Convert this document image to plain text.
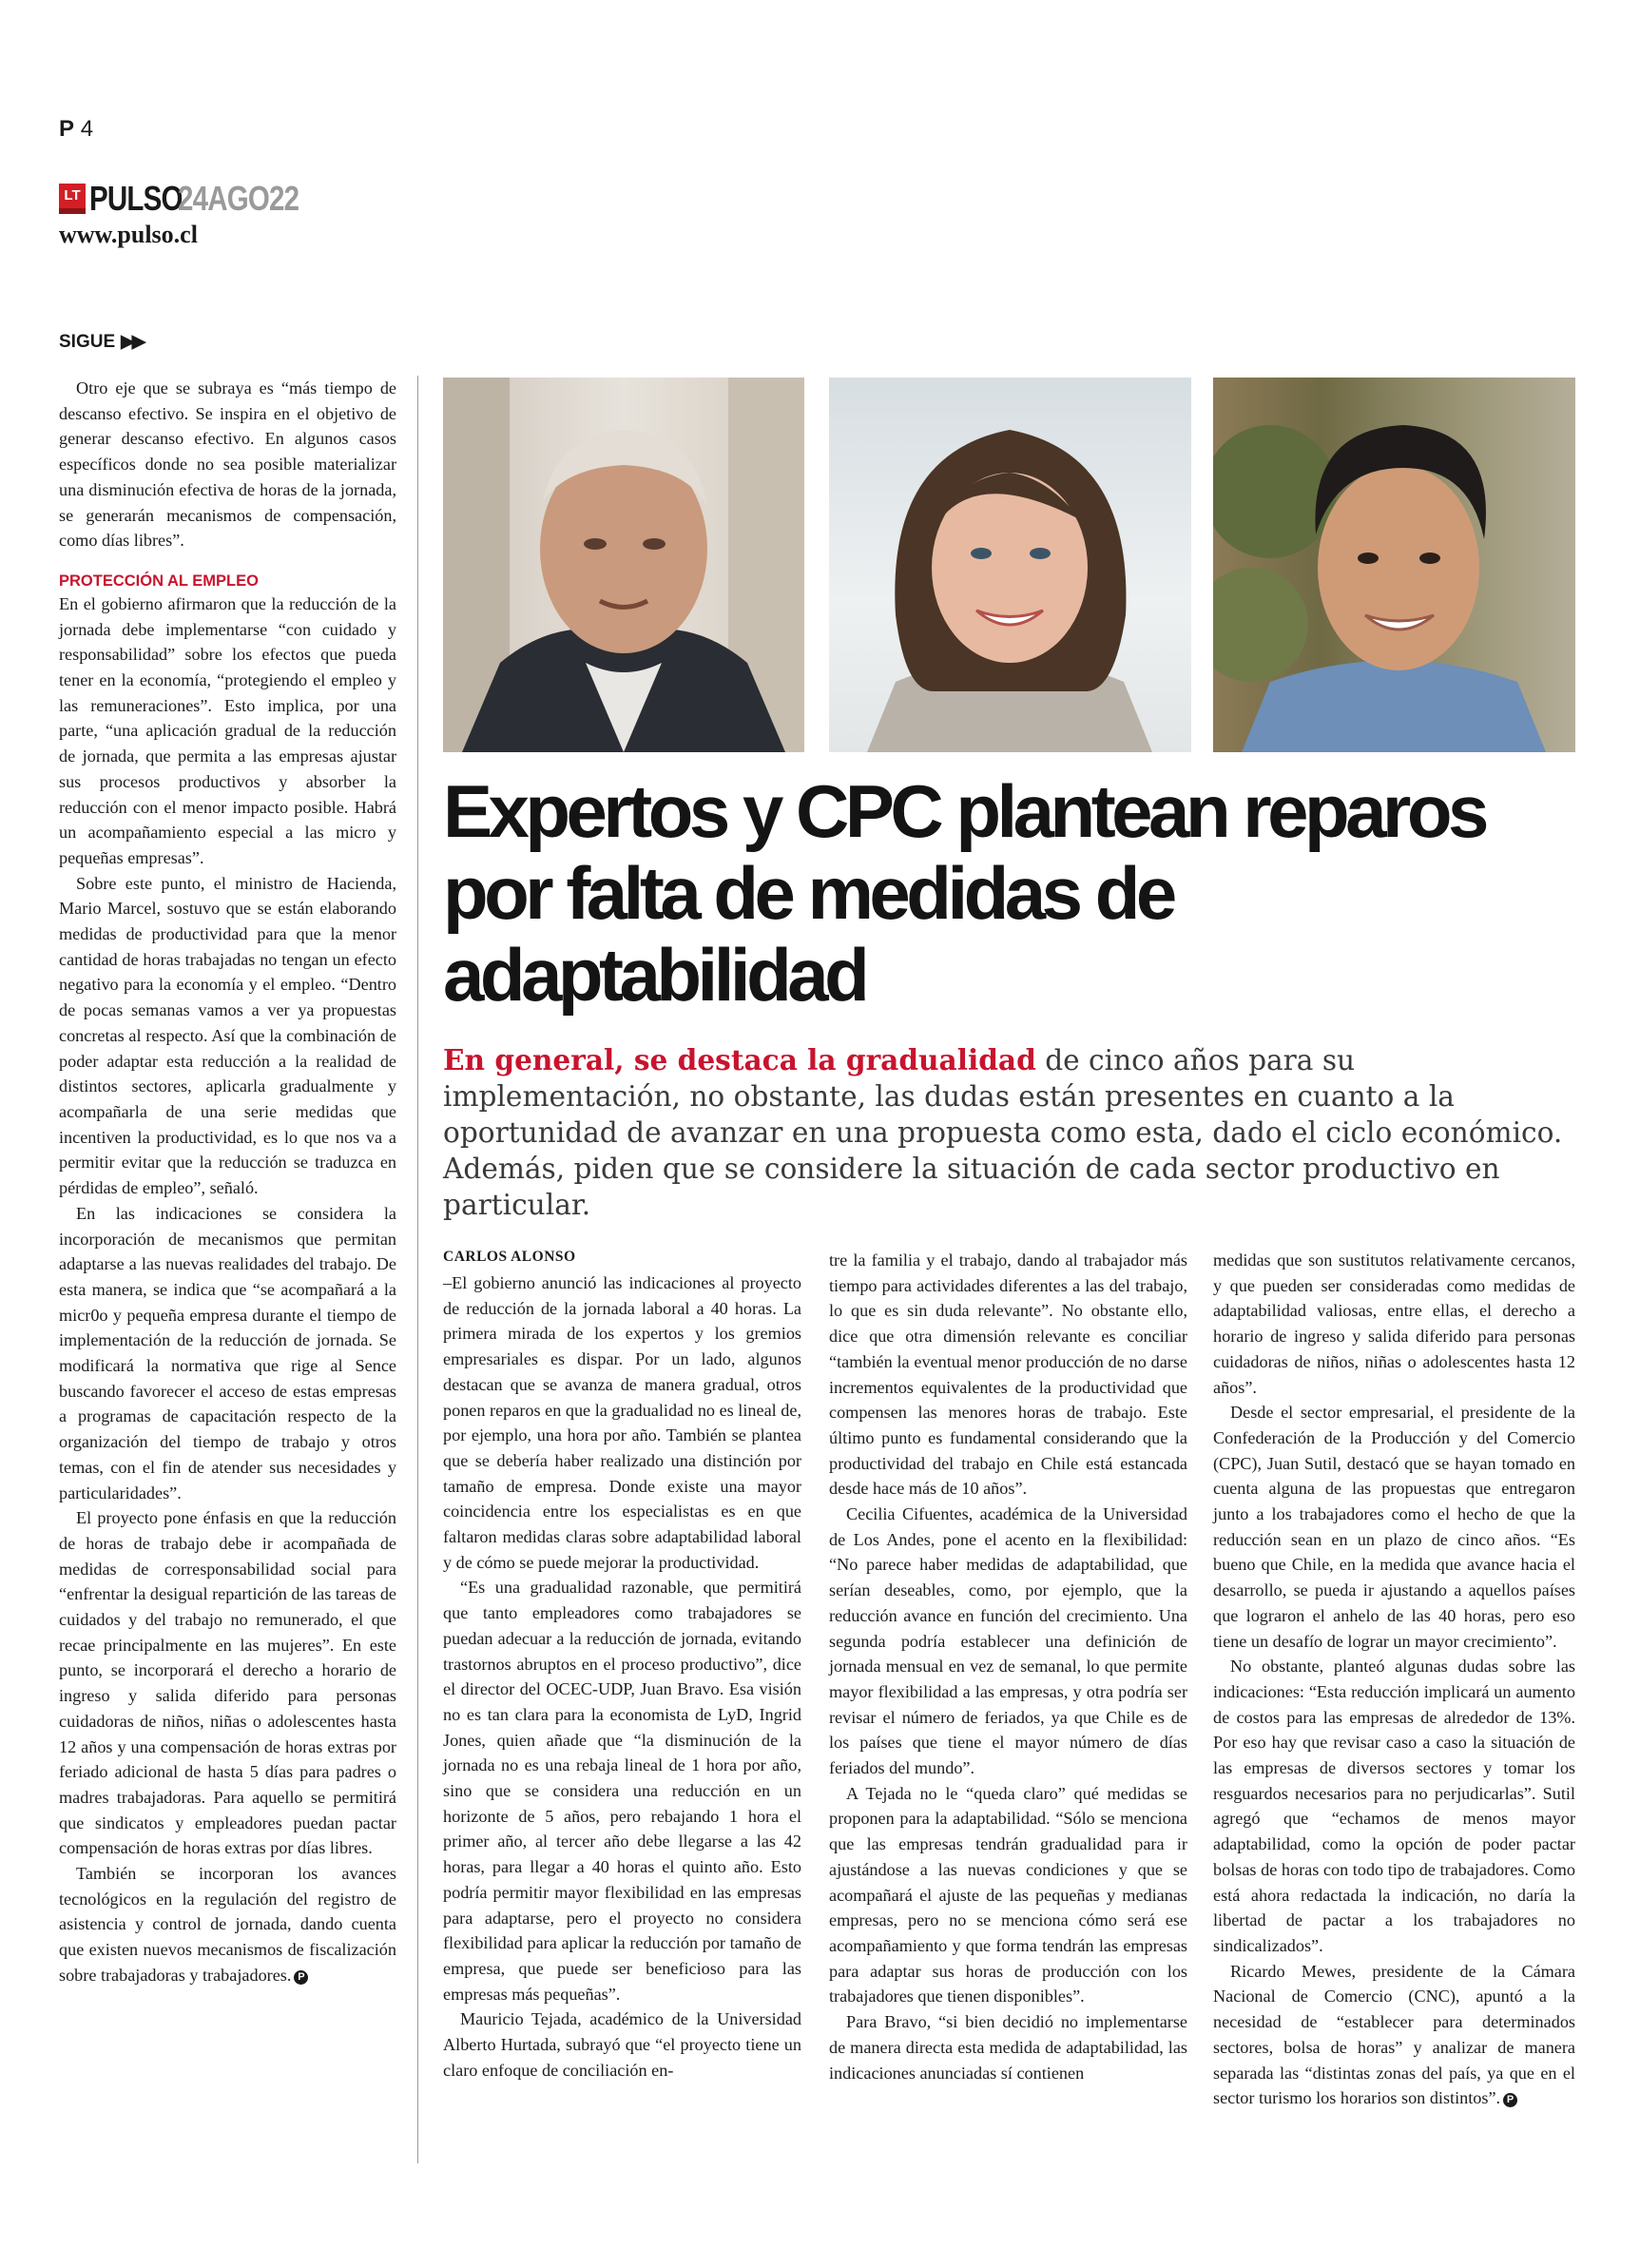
P 4
LT PULSO
24AGO22
www.pulso.cl
SIGUE ▶▶

Otro eje que se subraya es “más tiempo de descanso efectivo. Se inspira en el objetivo de generar descanso efectivo. En algunos casos específicos donde no sea posible materializar una disminución efectiva de horas de la jornada, se generarán mecanismos de compensación, como días libres”.

PROTECCIÓN AL EMPLEO

En el gobierno afirmaron que la reducción de la jornada debe implementarse “con cuidado y responsabilidad” sobre los efectos que pueda tener en la economía, “protegiendo el empleo y las remuneraciones”. Esto implica, por una parte, “una aplicación gradual de la reducción de jornada, que permita a las empresas ajustar sus procesos productivos y absorber la reducción con el menor impacto posible. Habrá un acompañamiento especial a las micro y pequeñas empresas”.

Sobre este punto, el ministro de Hacienda, Mario Marcel, sostuvo que se están elaborando medidas de productividad para que la menor cantidad de horas trabajadas no tengan un efecto negativo para la economía y el empleo. “Dentro de pocas semanas vamos a ver ya propuestas concretas al respecto. Así que la combinación de poder adaptar esta reducción a la realidad de distintos sectores, aplicarla gradualmente y acompañarla de una serie medidas que incentiven la productividad, es lo que nos va a permitir evitar que la reducción se traduzca en pérdidas de empleo”, señaló.

En las indicaciones se considera la incorporación de mecanismos que permitan adaptarse a las nuevas realidades del trabajo. De esta manera, se indica que “se acompañará a la micr0o y pequeña empresa durante el tiempo de implementación de la reducción de jornada. Se modificará la normativa que rige al Sence buscando favorecer el acceso de estas empresas a programas de capacitación respecto de la organización del tiempo de trabajo y otros temas, con el fin de atender sus necesidades y particularidades”.

El proyecto pone énfasis en que la reducción de horas de trabajo debe ir acompañada de medidas de corresponsabilidad social para “enfrentar la desigual repartición de las tareas de cuidados y del trabajo no remunerado, el que recae principalmente en las mujeres”. En este punto, se incorporará el derecho a horario de ingreso y salida diferido para personas cuidadoras de niños, niñas o adolescentes hasta 12 años y una compensación de horas extras por feriado adicional de hasta 5 días para padres o madres trabajadoras. Para aquello se permitirá que sindicatos y empleadores puedan pactar compensación de horas extras por días libres.

También se incorporan los avances tecnológicos en la regulación del registro de asistencia y control de jornada, dando cuenta que existen nuevos mecanismos de fiscalización sobre trabajadoras y trabajadores. P

Expertos y CPC plantean reparos por falta de medidas de adaptabilidad
En general, se destaca la gradualidad de cinco años para su implementación, no obstante, las dudas están presentes en cuanto a la oportunidad de avanzar en una propuesta como esta, dado el ciclo económico. Además, piden que se considere la situación de cada sector productivo en particular.
CARLOS ALONSO

–El gobierno anunció las indicaciones al proyecto de reducción de la jornada laboral a 40 horas. La primera mirada de los expertos y los gremios empresariales es dispar. Por un lado, algunos destacan que se avanza de manera gradual, otros ponen reparos en que la gradualidad no es lineal de, por ejemplo, una hora por año. También se plantea que se debería haber realizado una distinción por tamaño de empresa. Donde existe una mayor coincidencia entre los especialistas es en que faltaron medidas claras sobre adaptabilidad laboral y de cómo se puede mejorar la productividad.

“Es una gradualidad razonable, que permitirá que tanto empleadores como trabajadores se puedan adecuar a la reducción de jornada, evitando trastornos abruptos en el proceso productivo”, dice el director del OCEC-UDP, Juan Bravo. Esa visión no es tan clara para la economista de LyD, Ingrid Jones, quien añade que “la disminución de la jornada no es una rebaja lineal de 1 hora por año, sino que se considera una reducción en un horizonte de 5 años, pero rebajando 1 hora el primer año, al tercer año debe llegarse a las 42 horas, para llegar a 40 horas el quinto año. Esto podría permitir mayor flexibilidad en las empresas para adaptarse, pero el proyecto no considera flexibilidad para aplicar la reducción por tamaño de empresa, que puede ser beneficioso para las empresas más pequeñas”.

Mauricio Tejada, académico de la Universidad Alberto Hurtada, subrayó que “el proyecto tiene un claro enfoque de conciliación en-

tre la familia y el trabajo, dando al trabajador más tiempo para actividades diferentes a las del trabajo, lo que es sin duda relevante”. No obstante ello, dice que otra dimensión relevante es conciliar “también la eventual menor producción de no darse incrementos equivalentes de la productividad que compensen las menores horas de trabajo. Este último punto es fundamental considerando que la productividad del trabajo en Chile está estancada desde hace más de 10 años”.

Cecilia Cifuentes, académica de la Universidad de Los Andes, pone el acento en la flexibilidad: “No parece haber medidas de adaptabilidad, que serían deseables, como, por ejemplo, que la reducción avance en función del crecimiento. Una segunda podría establecer una definición de jornada mensual en vez de semanal, lo que permite mayor flexibilidad a las empresas, y otra podría ser revisar el número de feriados, ya que Chile es de los países que tiene el mayor número de días feriados del mundo”.

A Tejada no le “queda claro” qué medidas se proponen para la adaptabilidad. “Sólo se menciona que las empresas tendrán gradualidad para ir ajustándose a las nuevas condiciones y que se acompañará el ajuste de las pequeñas y medianas empresas, pero no se menciona cómo será ese acompañamiento y que forma tendrán las empresas para adaptar sus horas de producción con los trabajadores que tienen disponibles”.

Para Bravo, “si bien decidió no implementarse de manera directa esta medida de adaptabilidad, las indicaciones anunciadas sí contienen

medidas que son sustitutos relativamente cercanos, y que pueden ser consideradas como medidas de adaptabilidad valiosas, entre ellas, el derecho a horario de ingreso y salida diferido para personas cuidadoras de niños, niñas o adolescentes hasta 12 años”.

Desde el sector empresarial, el presidente de la Confederación de la Producción y del Comercio (CPC), Juan Sutil, destacó que se hayan tomado en cuenta alguna de las propuestas que entregaron junto a los trabajadores como el hecho de que la reducción sean en un plazo de cinco años. “Es bueno que Chile, en la medida que avance hacia el desarrollo, se pueda ir ajustando a aquellos países que lograron el anhelo de las 40 horas, pero eso tiene un desafío de lograr un mayor crecimiento”.

No obstante, planteó algunas dudas sobre las indicaciones: “Esta reducción implicará un aumento de costos para las empresas de alrededor de 13%. Por eso hay que revisar caso a caso la situación de las empresas de diversos sectores y tomar los resguardos necesarios para no perjudicarlas”. Sutil agregó que “echamos de menos mayor adaptabilidad, como la opción de poder pactar bolsas de horas con todo tipo de trabajadores. Como está ahora redactada la indicación, no daría la libertad de pactar a los trabajadores no sindicalizados”.

Ricardo Mewes, presidente de la Cámara Nacional de Comercio (CNC), apuntó a la necesidad de “establecer para determinados sectores, bolsa de horas” y analizar de manera separada las “distintas zonas del país, ya que en el sector turismo los horarios son distintos”. P
